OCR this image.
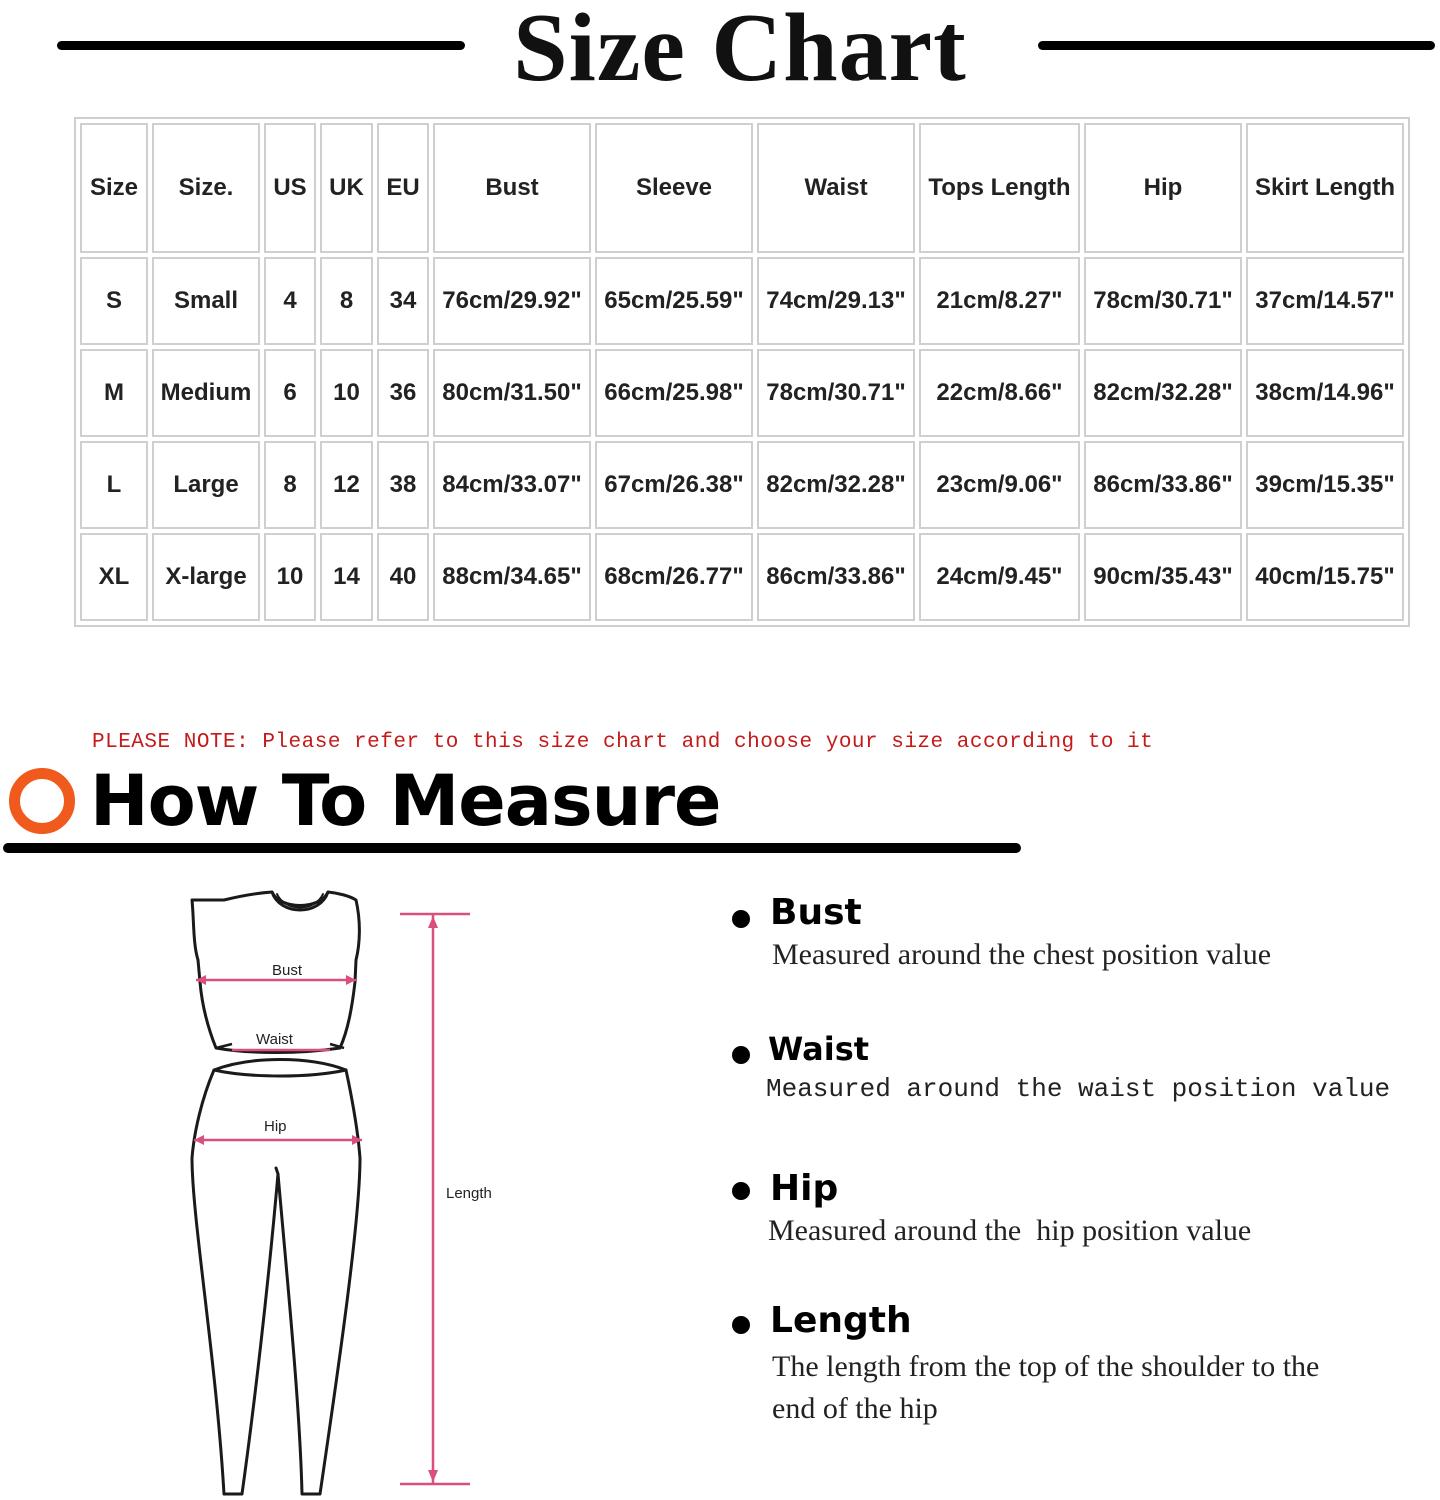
Size Chart
Size	Size.	US	UK	EU	Bust	Sleeve	Waist	Tops Length	Hip	Skirt Length
S	Small	4	8	34	76cm/29.92"	65cm/25.59"	74cm/29.13"	21cm/8.27"	78cm/30.71"	37cm/14.57"
M	Medium	6	10	36	80cm/31.50"	66cm/25.98"	78cm/30.71"	22cm/8.66"	82cm/32.28"	38cm/14.96"
L	Large	8	12	38	84cm/33.07"	67cm/26.38"	82cm/32.28"	23cm/9.06"	86cm/33.86"	39cm/15.35"
XL	X-large	10	14	40	88cm/34.65"	68cm/26.77"	86cm/33.86"	24cm/9.45"	90cm/35.43"	40cm/15.75"
PLEASE NOTE: Please refer to this size chart and choose your size according to it
How To Measure
Bust
Waist
Hip
Length
Bust
Measured around the chest position value
Waist
Measured around the waist position value
Hip
Measured around the  hip position value
Length
The length from the top of the shoulder to the end of the hip
